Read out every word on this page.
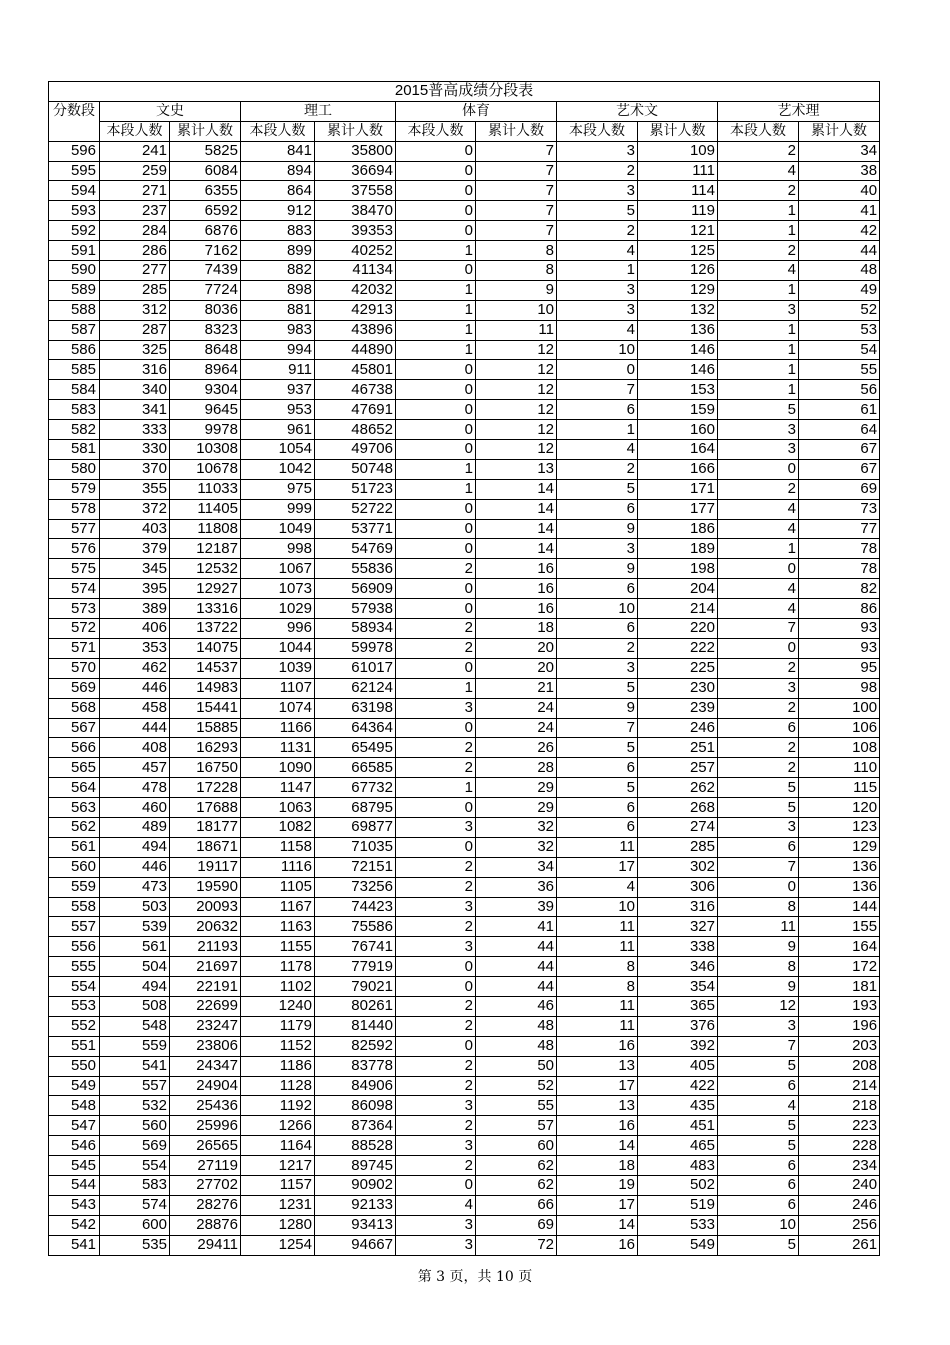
2015普高成绩分段表										
分数段	文史		理工		体育		艺术文		艺术理	
	本段人数	累计人数	本段人数	累计人数	本段人数	累计人数	本段人数	累计人数	本段人数	累计人数
596	241	5825	841	35800	0	7	3	109	2	34
595	259	6084	894	36694	0	7	2	111	4	38
594	271	6355	864	37558	0	7	3	114	2	40
593	237	6592	912	38470	0	7	5	119	1	41
592	284	6876	883	39353	0	7	2	121	1	42
591	286	7162	899	40252	1	8	4	125	2	44
590	277	7439	882	41134	0	8	1	126	4	48
589	285	7724	898	42032	1	9	3	129	1	49
588	312	8036	881	42913	1	10	3	132	3	52
587	287	8323	983	43896	1	11	4	136	1	53
586	325	8648	994	44890	1	12	10	146	1	54
585	316	8964	911	45801	0	12	0	146	1	55
584	340	9304	937	46738	0	12	7	153	1	56
583	341	9645	953	47691	0	12	6	159	5	61
582	333	9978	961	48652	0	12	1	160	3	64
581	330	10308	1054	49706	0	12	4	164	3	67
580	370	10678	1042	50748	1	13	2	166	0	67
579	355	11033	975	51723	1	14	5	171	2	69
578	372	11405	999	52722	0	14	6	177	4	73
577	403	11808	1049	53771	0	14	9	186	4	77
576	379	12187	998	54769	0	14	3	189	1	78
575	345	12532	1067	55836	2	16	9	198	0	78
574	395	12927	1073	56909	0	16	6	204	4	82
573	389	13316	1029	57938	0	16	10	214	4	86
572	406	13722	996	58934	2	18	6	220	7	93
571	353	14075	1044	59978	2	20	2	222	0	93
570	462	14537	1039	61017	0	20	3	225	2	95
569	446	14983	1107	62124	1	21	5	230	3	98
568	458	15441	1074	63198	3	24	9	239	2	100
567	444	15885	1166	64364	0	24	7	246	6	106
566	408	16293	1131	65495	2	26	5	251	2	108
565	457	16750	1090	66585	2	28	6	257	2	110
564	478	17228	1147	67732	1	29	5	262	5	115
563	460	17688	1063	68795	0	29	6	268	5	120
562	489	18177	1082	69877	3	32	6	274	3	123
561	494	18671	1158	71035	0	32	11	285	6	129
560	446	19117	1116	72151	2	34	17	302	7	136
559	473	19590	1105	73256	2	36	4	306	0	136
558	503	20093	1167	74423	3	39	10	316	8	144
557	539	20632	1163	75586	2	41	11	327	11	155
556	561	21193	1155	76741	3	44	11	338	9	164
555	504	21697	1178	77919	0	44	8	346	8	172
554	494	22191	1102	79021	0	44	8	354	9	181
553	508	22699	1240	80261	2	46	11	365	12	193
552	548	23247	1179	81440	2	48	11	376	3	196
551	559	23806	1152	82592	0	48	16	392	7	203
550	541	24347	1186	83778	2	50	13	405	5	208
549	557	24904	1128	84906	2	52	17	422	6	214
548	532	25436	1192	86098	3	55	13	435	4	218
547	560	25996	1266	87364	2	57	16	451	5	223
546	569	26565	1164	88528	3	60	14	465	5	228
545	554	27119	1217	89745	2	62	18	483	6	234
544	583	27702	1157	90902	0	62	19	502	6	240
543	574	28276	1231	92133	4	66	17	519	6	246
542	600	28876	1280	93413	3	69	14	533	10	256
541	535	29411	1254	94667	3	72	16	549	5	261
第 3 页，共 10 页
